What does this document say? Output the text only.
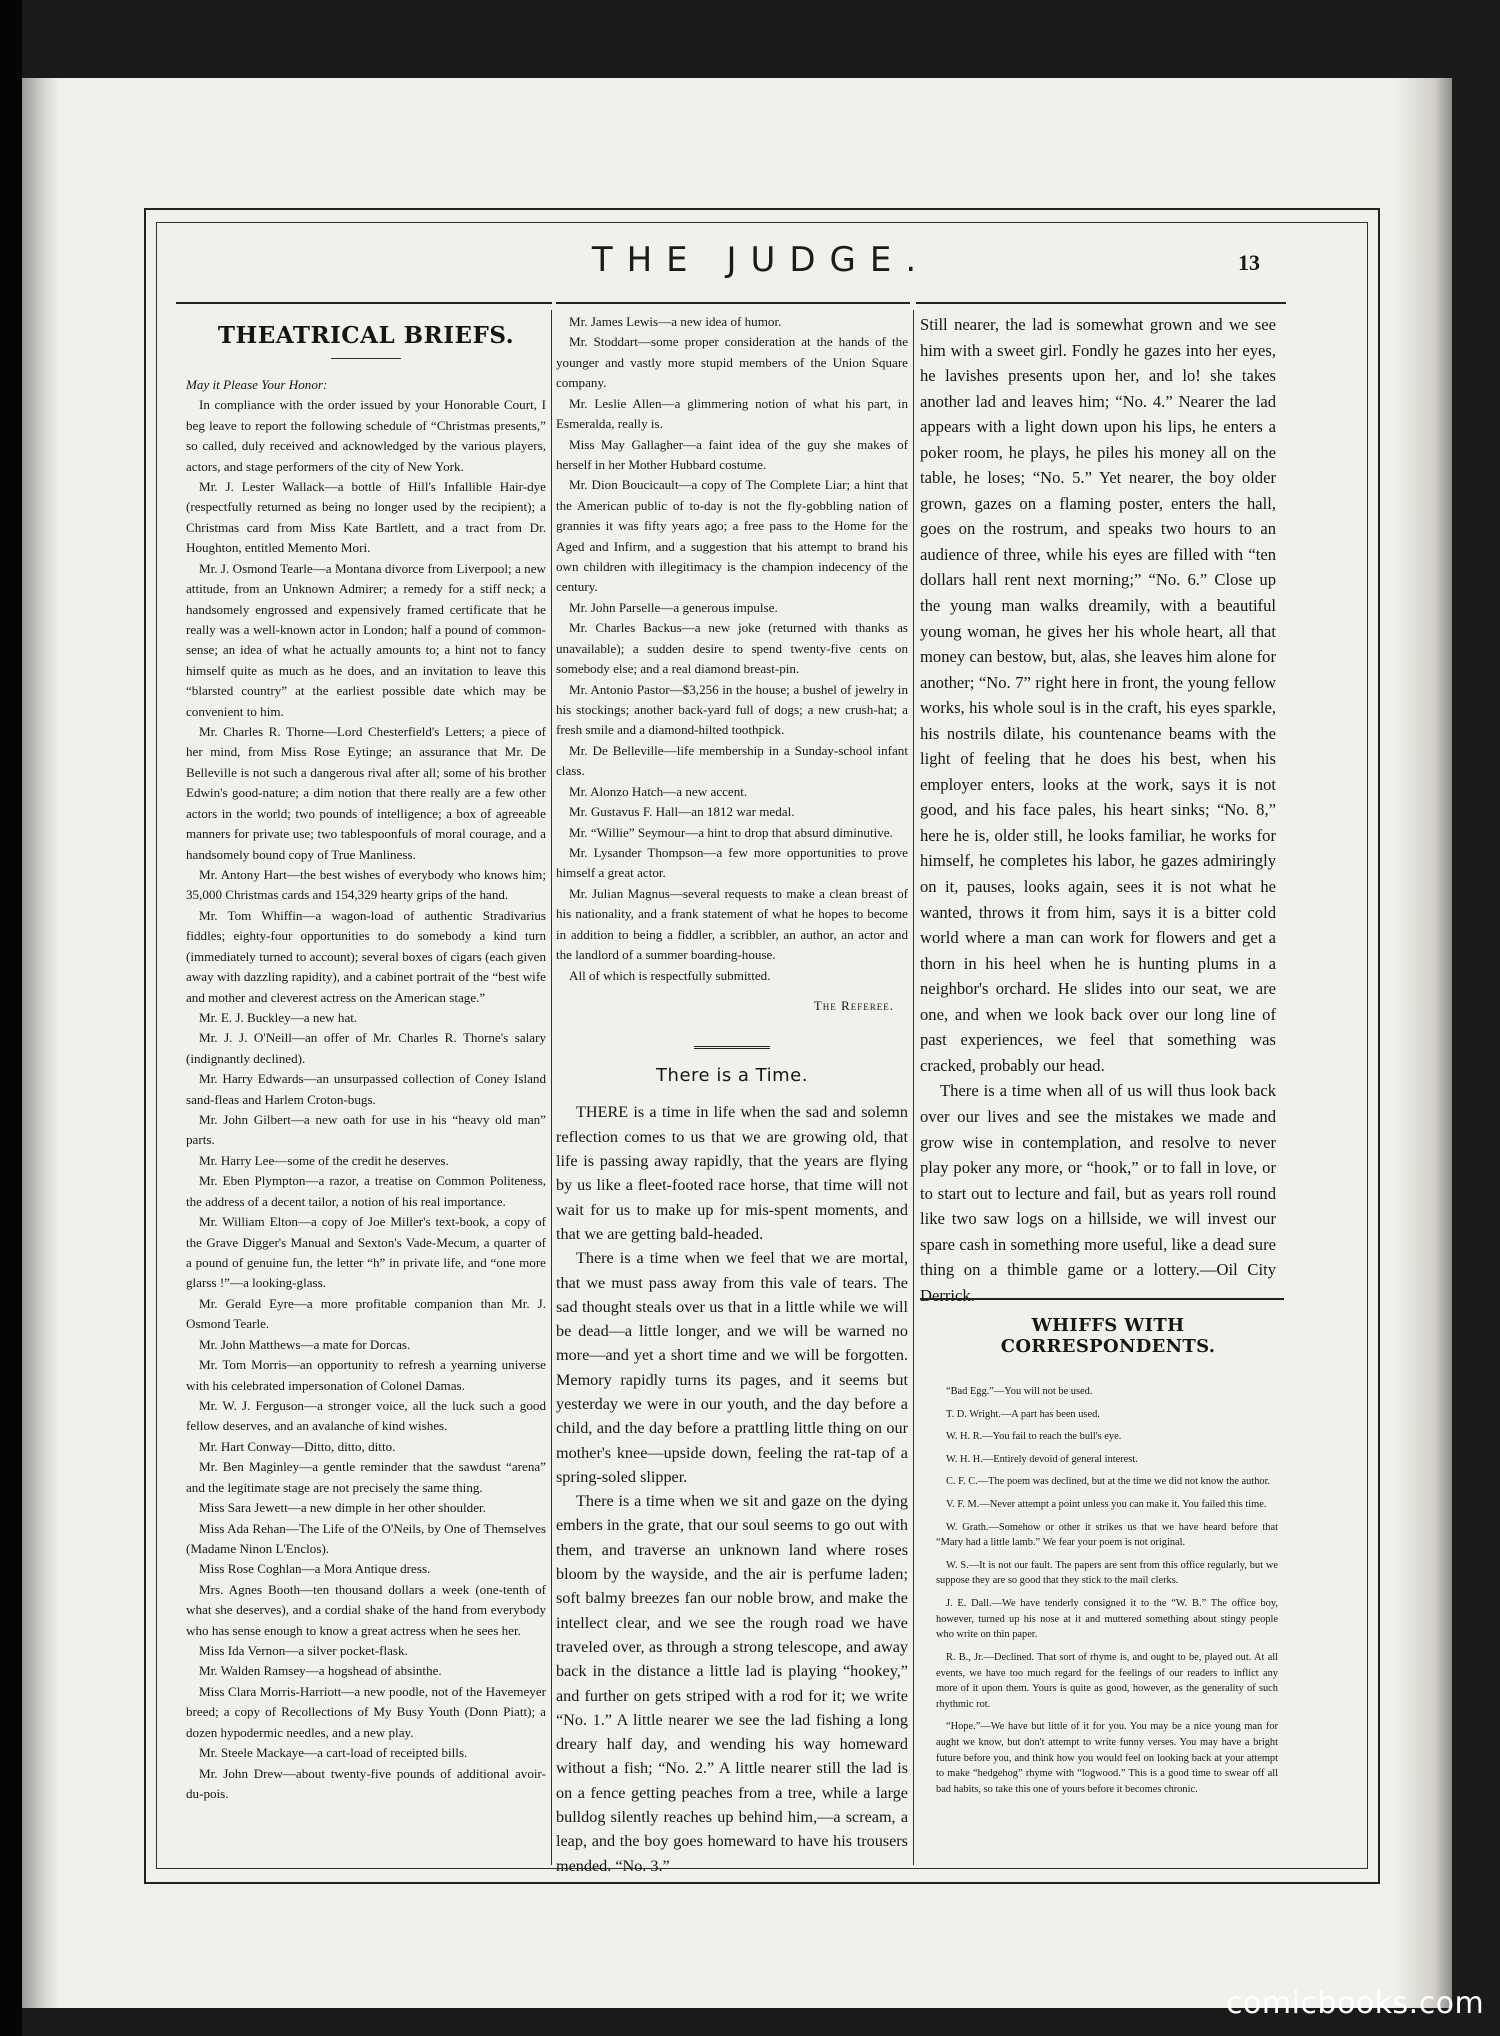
THE JUDGE.	13
THEATRICAL BRIEFS.

May it Please Your Honor:

In compliance with the order issued by your Honorable Court, I beg leave to report the following schedule of “Christmas presents,” so called, duly received and acknowledged by the various players, actors, and stage performers of the city of New York.

Mr. J. Lester Wallack—a bottle of Hill's Infallible Hair-dye (respectfully returned as being no longer used by the recipient); a Christmas card from Miss Kate Bartlett, and a tract from Dr. Houghton, entitled Memento Mori.

Mr. J. Osmond Tearle—a Montana divorce from Liverpool; a new attitude, from an Unknown Admirer; a remedy for a stiff neck; a handsomely engrossed and expensively framed certificate that he really was a well-known actor in London; half a pound of common-sense; an idea of what he actually amounts to; a hint not to fancy himself quite as much as he does, and an invitation to leave this “blarsted country” at the earliest possible date which may be convenient to him.

Mr. Charles R. Thorne—Lord Chesterfield's Letters; a piece of her mind, from Miss Rose Eytinge; an assurance that Mr. De Belleville is not such a dangerous rival after all; some of his brother Edwin's good-nature; a dim notion that there really are a few other actors in the world; two pounds of intelligence; a box of agreeable manners for private use; two tablespoonfuls of moral courage, and a handsomely bound copy of True Manliness.

Mr. Antony Hart—the best wishes of everybody who knows him; 35,000 Christmas cards and 154,329 hearty grips of the hand.

Mr. Tom Whiffin—a wagon-load of authentic Stradivarius fiddles; eighty-four opportunities to do somebody a kind turn (immediately turned to account); several boxes of cigars (each given away with dazzling rapidity), and a cabinet portrait of the “best wife and mother and cleverest actress on the American stage.”

Mr. E. J. Buckley—a new hat.

Mr. J. J. O'Neill—an offer of Mr. Charles R. Thorne's salary (indignantly declined).

Mr. Harry Edwards—an unsurpassed collection of Coney Island sand-fleas and Harlem Croton-bugs.

Mr. John Gilbert—a new oath for use in his “heavy old man” parts.

Mr. Harry Lee—some of the credit he deserves.

Mr. Eben Plympton—a razor, a treatise on Common Politeness, the address of a decent tailor, a notion of his real importance.

Mr. William Elton—a copy of Joe Miller's text-book, a copy of the Grave Digger's Manual and Sexton's Vade-Mecum, a quarter of a pound of genuine fun, the letter “h” in private life, and “one more glarss !”—a looking-glass.

Mr. Gerald Eyre—a more profitable companion than Mr. J. Osmond Tearle.

Mr. John Matthews—a mate for Dorcas.

Mr. Tom Morris—an opportunity to refresh a yearning universe with his celebrated impersonation of Colonel Damas.

Mr. W. J. Ferguson—a stronger voice, all the luck such a good fellow deserves, and an avalanche of kind wishes.

Mr. Hart Conway—Ditto, ditto, ditto.

Mr. Ben Maginley—a gentle reminder that the sawdust “arena” and the legitimate stage are not precisely the same thing.

Miss Sara Jewett—a new dimple in her other shoulder.

Miss Ada Rehan—The Life of the O'Neils, by One of Themselves (Madame Ninon L'Enclos).

Miss Rose Coghlan—a Mora Antique dress.

Mrs. Agnes Booth—ten thousand dollars a week (one-tenth of what she deserves), and a cordial shake of the hand from everybody who has sense enough to know a great actress when he sees her.

Miss Ida Vernon—a silver pocket-flask.

Mr. Walden Ramsey—a hogshead of absinthe.

Miss Clara Morris-Harriott—a new poodle, not of the Havemeyer breed; a copy of Recollections of My Busy Youth (Donn Piatt); a dozen hypodermic needles, and a new play.

Mr. Steele Mackaye—a cart-load of receipted bills.

Mr. John Drew—about twenty-five pounds of additional avoir-du-pois.

Mr. James Lewis—a new idea of humor.

Mr. Stoddart—some proper consideration at the hands of the younger and vastly more stupid members of the Union Square company.

Mr. Leslie Allen—a glimmering notion of what his part, in Esmeralda, really is.

Miss May Gallagher—a faint idea of the guy she makes of herself in her Mother Hubbard costume.

Mr. Dion Boucicault—a copy of The Complete Liar; a hint that the American public of to-day is not the fly-gobbling nation of grannies it was fifty years ago; a free pass to the Home for the Aged and Infirm, and a suggestion that his attempt to brand his own children with illegitimacy is the champion indecency of the century.

Mr. John Parselle—a generous impulse.

Mr. Charles Backus—a new joke (returned with thanks as unavailable); a sudden desire to spend twenty-five cents on somebody else; and a real diamond breast-pin.

Mr. Antonio Pastor—$3,256 in the house; a bushel of jewelry in his stockings; another back-yard full of dogs; a new crush-hat; a fresh smile and a diamond-hilted toothpick.

Mr. De Belleville—life membership in a Sunday-school infant class.

Mr. Alonzo Hatch—a new accent.

Mr. Gustavus F. Hall—an 1812 war medal.

Mr. “Willie” Seymour—a hint to drop that absurd diminutive.

Mr. Lysander Thompson—a few more opportunities to prove himself a great actor.

Mr. Julian Magnus—several requests to make a clean breast of his nationality, and a frank statement of what he hopes to become in addition to being a fiddler, a scribbler, an author, an actor and the landlord of a summer boarding-house.

All of which is respectfully submitted.

The Referee.

There is a Time.

THERE is a time in life when the sad and solemn reflection comes to us that we are growing old, that life is passing away rapidly, that the years are flying by us like a fleet-footed race horse, that time will not wait for us to make up for mis-spent moments, and that we are getting bald-headed.

There is a time when we feel that we are mortal, that we must pass away from this vale of tears. The sad thought steals over us that in a little while we will be dead—a little longer, and we will be warned no more—and yet a short time and we will be forgotten. Memory rapidly turns its pages, and it seems but yesterday we were in our youth, and the day before a child, and the day before a prattling little thing on our mother's knee—upside down, feeling the rat-tap of a spring-soled slipper.

There is a time when we sit and gaze on the dying embers in the grate, that our soul seems to go out with them, and traverse an unknown land where roses bloom by the wayside, and the air is perfume laden; soft balmy breezes fan our noble brow, and make the intellect clear, and we see the rough road we have traveled over, as through a strong telescope, and away back in the distance a little lad is playing “hookey,” and further on gets striped with a rod for it; we write “No. 1.” A little nearer we see the lad fishing a long dreary half day, and wending his way homeward without a fish; “No. 2.” A little nearer still the lad is on a fence getting peaches from a tree, while a large bulldog silently reaches up behind him,—a scream, a leap, and the boy goes homeward to have his trousers mended. “No. 3.”

Still nearer, the lad is somewhat grown and we see him with a sweet girl. Fondly he gazes into her eyes, he lavishes presents upon her, and lo! she takes another lad and leaves him; “No. 4.” Nearer the lad appears with a light down upon his lips, he enters a poker room, he plays, he piles his money all on the table, he loses; “No. 5.” Yet nearer, the boy older grown, gazes on a flaming poster, enters the hall, goes on the rostrum, and speaks two hours to an audience of three, while his eyes are filled with “ten dollars hall rent next morning;” “No. 6.” Close up the young man walks dreamily, with a beautiful young woman, he gives her his whole heart, all that money can bestow, but, alas, she leaves him alone for another; “No. 7” right here in front, the young fellow works, his whole soul is in the craft, his eyes sparkle, his nostrils dilate, his countenance beams with the light of feeling that he does his best, when his employer enters, looks at the work, says it is not good, and his face pales, his heart sinks; “No. 8,” here he is, older still, he looks familiar, he works for himself, he completes his labor, he gazes admiringly on it, pauses, looks again, sees it is not what he wanted, throws it from him, says it is a bitter cold world where a man can work for flowers and get a thorn in his heel when he is hunting plums in a neighbor's orchard. He slides into our seat, we are one, and when we look back over our long line of past experiences, we feel that something was cracked, probably our head.

There is a time when all of us will thus look back over our lives and see the mistakes we made and grow wise in contemplation, and resolve to never play poker any more, or “hook,” or to fall in love, or to start out to lecture and fail, but as years roll round like two saw logs on a hillside, we will invest our spare cash in something more useful, like a dead sure thing on a thimble game or a lottery.—Oil City Derrick.

WHIFFS WITH CORRESPONDENTS.

“Bad Egg.”—You will not be used.

T. D. Wright.—A part has been used.

W. H. R.—You fail to reach the bull's eye.

W. H. H.—Entirely devoid of general interest.

C. F. C.—The poem was declined, but at the time we did not know the author.

V. F. M.—Never attempt a point unless you can make it. You failed this time.

W. Grath.—Somehow or other it strikes us that we have heard before that “Mary had a little lamb.” We fear your poem is not original.

W. S.—It is not our fault. The papers are sent from this office regularly, but we suppose they are so good that they stick to the mail clerks.

J. E. Dall.—We have tenderly consigned it to the “W. B.” The office boy, however, turned up his nose at it and muttered something about stingy people who write on thin paper.

R. B., Jr.—Declined. That sort of rhyme is, and ought to be, played out. At all events, we have too much regard for the feelings of our readers to inflict any more of it upon them. Yours is quite as good, however, as the generality of such rhythmic rot.

“Hope.”—We have but little of it for you. You may be a nice young man for aught we know, but don't attempt to write funny verses. You may have a bright future before you, and think how you would feel on looking back at your attempt to make “hedgehog” rhyme with “logwood.” This is a good time to swear off all bad habits, so take this one of yours before it becomes chronic.

comicbooks.com
